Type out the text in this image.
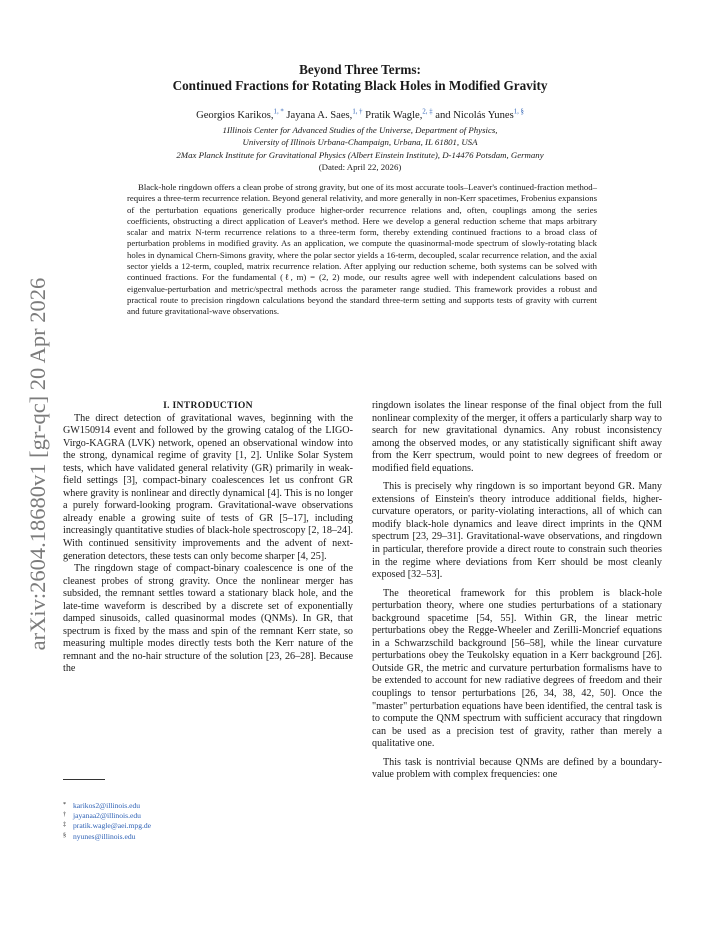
arXiv:2604.18680v1 [gr-qc] 20 Apr 2026
Beyond Three Terms:
Continued Fractions for Rotating Black Holes in Modified Gravity
Georgios Karikos,$^{1, *}$ Jayana A. Saes,$^{1, \dagger}$ Pratik Wagle,$^{2, \ddagger}$ and Nicolás Yunes$^{1, \S}$
1Illinois Center for Advanced Studies of the Universe, Department of Physics,
University of Illinois Urbana-Champaign, Urbana, IL 61801, USA
2Max Planck Institute for Gravitational Physics (Albert Einstein Institute), D-14476 Potsdam, Germany
(Dated: April 22, 2026)
Black-hole ringdown offers a clean probe of strong gravity, but one of its most accurate tools–Leaver's continued-fraction method–requires a three-term recurrence relation. Beyond general relativity, and more generally in non-Kerr spacetimes, Frobenius expansions of the perturbation equations generically produce higher-order recurrence relations and, often, couplings among the series coefficients, obstructing a direct application of Leaver's method. Here we develop a general reduction scheme that maps arbitrary scalar and matrix N-term recurrence relations to a three-term form, thereby extending continued fractions to a broad class of perturbation problems in modified gravity. As an application, we compute the quasinormal-mode spectrum of slowly-rotating black holes in dynamical Chern-Simons gravity, where the polar sector yields a 16-term, decoupled, scalar recurrence relation, and the axial sector yields a 12-term, coupled, matrix recurrence relation. After applying our reduction scheme, both systems can be solved with continued fractions. For the fundamental (ℓ, m) = (2, 2) mode, our results agree well with independent calculations based on eigenvalue-perturbation and metric/spectral methods across the parameter range studied. This framework provides a robust and practical route to precision ringdown calculations beyond the standard three-term setting and supports tests of gravity with current and future gravitational-wave observations.

I. INTRODUCTION

The direct detection of gravitational waves, beginning with the GW150914 event and followed by the growing catalog of the LIGO-Virgo-KAGRA (LVK) network, opened an observational window into the strong, dynamical regime of gravity [1, 2]. Unlike Solar System tests, which have validated general relativity (GR) primarily in weak-field settings [3], compact-binary coalescences let us confront GR where gravity is nonlinear and directly dynamical [4]. This is no longer a purely forward-looking program. Gravitational-wave observations already enable a growing suite of tests of GR [5–17], including increasingly quantitative studies of black-hole spectroscopy [2, 18–24]. With continued sensitivity improvements and the advent of next-generation detectors, these tests can only become sharper [4, 25].

The ringdown stage of compact-binary coalescence is one of the cleanest probes of strong gravity. Once the nonlinear merger has subsided, the remnant settles toward a stationary black hole, and the late-time waveform is described by a discrete set of exponentially damped sinusoids, called quasinormal modes (QNMs). In GR, that spectrum is fixed by the mass and spin of the remnant Kerr state, so measuring multiple modes directly tests both the Kerr nature of the remnant and the no-hair structure of the solution [23, 26–28]. Because the

ringdown isolates the linear response of the final object from the full nonlinear complexity of the merger, it offers a particularly sharp way to search for new gravitational dynamics. Any robust inconsistency among the observed modes, or any statistically significant shift away from the Kerr spectrum, would point to new degrees of freedom or modified field equations.

This is precisely why ringdown is so important beyond GR. Many extensions of Einstein's theory introduce additional fields, higher-curvature operators, or parity-violating interactions, all of which can modify black-hole dynamics and leave direct imprints in the QNM spectrum [23, 29–31]. Gravitational-wave observations, and ringdown in particular, therefore provide a direct route to constrain such theories in the regime where deviations from Kerr should be most cleanly exposed [32–53].

The theoretical framework for this problem is black-hole perturbation theory, where one studies perturbations of a stationary background spacetime [54, 55]. Within GR, the linear metric perturbations obey the Regge-Wheeler and Zerilli-Moncrief equations in a Schwarzschild background [56–58], while the linear curvature perturbations obey the Teukolsky equation in a Kerr background [26]. Outside GR, the metric and curvature perturbation formalisms have to be extended to account for new radiative degrees of freedom and their couplings to tensor perturbations [26, 34, 38, 42, 50]. Once the "master" perturbation equations have been identified, the central task is to compute the QNM spectrum with sufficient accuracy that ringdown can be used as a precision test of gravity, rather than merely a qualitative one.

This task is nontrivial because QNMs are defined by a boundary-value problem with complex frequencies: one

* karikos2@illinois.edu
† jayanaa2@illinois.edu
‡ pratik.wagle@aei.mpg.de
§ nyunes@illinois.edu
